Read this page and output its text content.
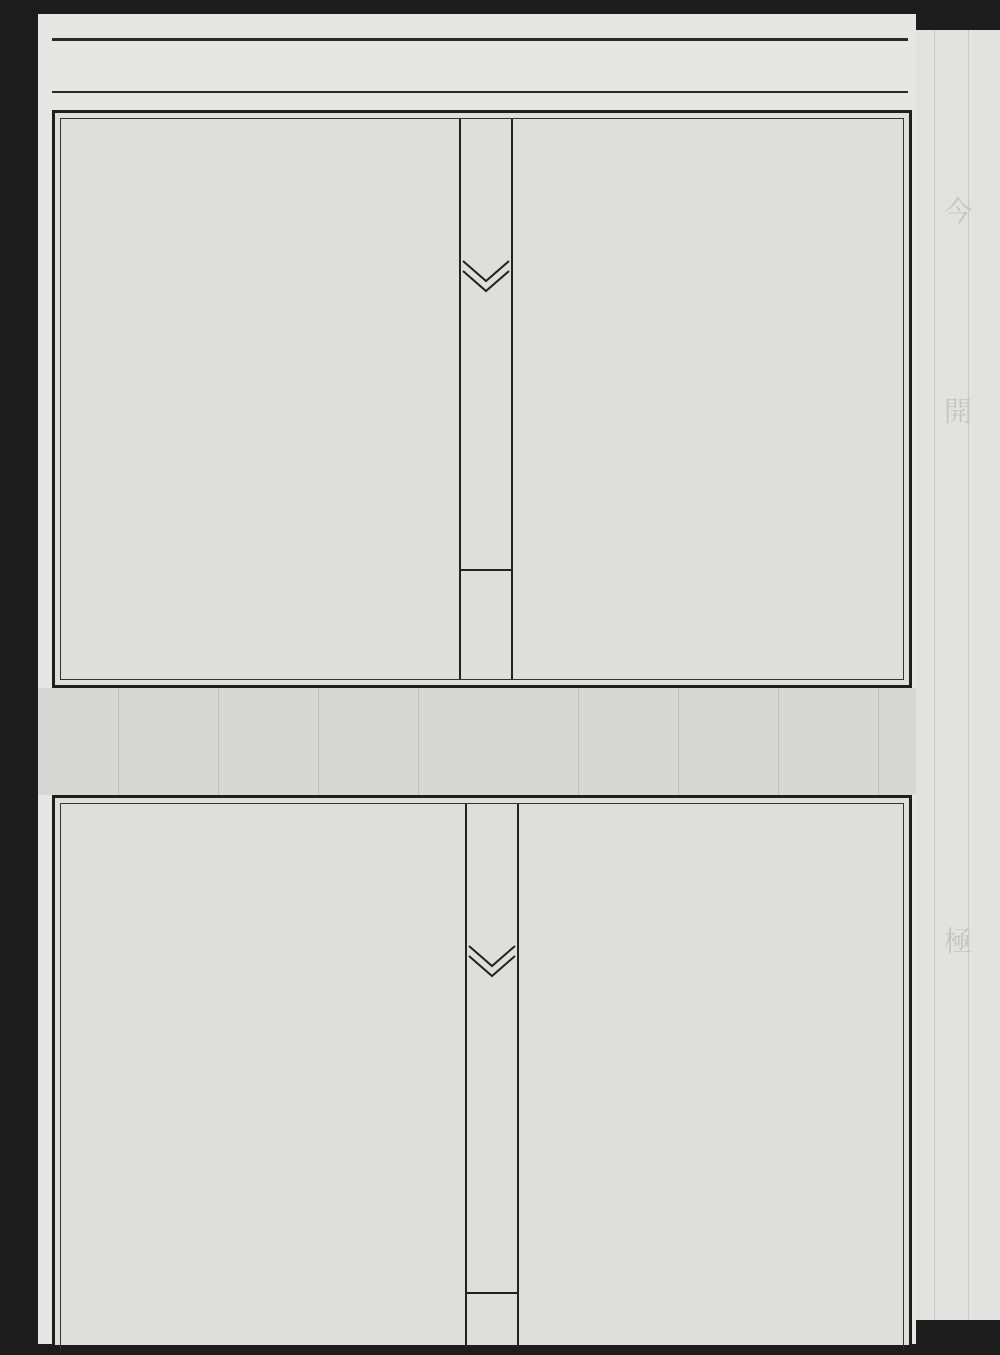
今
開
極
